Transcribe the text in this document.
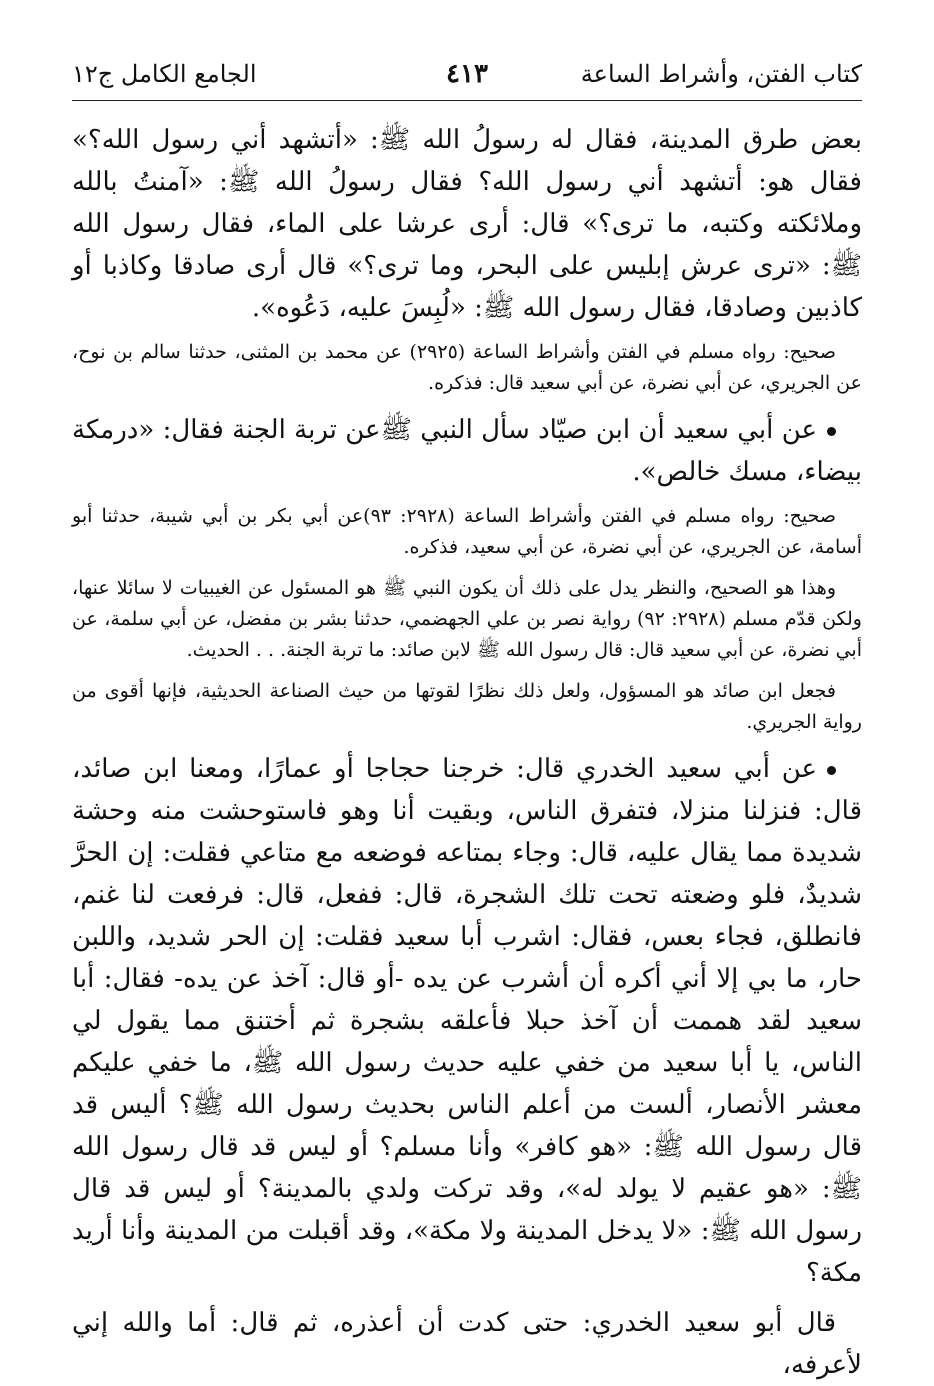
كتاب الفتن، وأشراط الساعة
٤١٣
الجامع الكامل ج١٢

بعض طرق المدينة، فقال له رسولُ الله ﷺ: «أتشهد أني رسول الله؟» فقال هو: أتشهد أني رسول الله؟ فقال رسولُ الله ﷺ: «آمنتُ بالله وملائكته وكتبه، ما ترى؟» قال: أرى عرشا على الماء، فقال رسول الله ﷺ: «ترى عرش إبليس على البحر، وما ترى؟» قال أرى صادقا وكاذبا أو كاذبين وصادقا، فقال رسول الله ﷺ: «لُبِسَ عليه، دَعُوه».

صحيح: رواه مسلم في الفتن وأشراط الساعة (٢٩٢٥) عن محمد بن المثنى، حدثنا سالم بن نوح، عن الجريري، عن أبي نضرة، عن أبي سعيد قال: فذكره.

عن أبي سعيد أن ابن صيّاد سأل النبي ﷺعن تربة الجنة فقال: «درمكة بيضاء، مسك خالص».

صحيح: رواه مسلم في الفتن وأشراط الساعة (٢٩٢٨: ٩٣)عن أبي بكر بن أبي شيبة، حدثنا أبو أسامة، عن الجريري، عن أبي نضرة، عن أبي سعيد، فذكره.

وهذا هو الصحيح، والنظر يدل على ذلك أن يكون النبي ﷺ هو المسئول عن الغيبيات لا سائلا عنها، ولكن قدّم مسلم (٢٩٢٨: ٩٢) رواية نصر بن علي الجهضمي، حدثنا بشر بن مفضل، عن أبي سلمة، عن أبي نضرة، عن أبي سعيد قال: قال رسول الله ﷺ لابن صائد: ما تربة الجنة. . . الحديث.

فجعل ابن صائد هو المسؤول، ولعل ذلك نظرًا لقوتها من حيث الصناعة الحديثية، فإنها أقوى من رواية الجريري.

عن أبي سعيد الخدري قال: خرجنا حجاجا أو عمارًا، ومعنا ابن صائد، قال: فنزلنا منزلا، فتفرق الناس، وبقيت أنا وهو فاستوحشت منه وحشة شديدة مما يقال عليه، قال: وجاء بمتاعه فوضعه مع متاعي فقلت: إن الحرَّ شديدٌ، فلو وضعته تحت تلك الشجرة، قال: ففعل، قال: فرفعت لنا غنم، فانطلق، فجاء بعس، فقال: اشرب أبا سعيد فقلت: إن الحر شديد، واللبن حار، ما بي إلا أني أكره أن أشرب عن يده -أو قال: آخذ عن يده- فقال: أبا سعيد لقد هممت أن آخذ حبلا فأعلقه بشجرة ثم أختنق مما يقول لي الناس، يا أبا سعيد من خفي عليه حديث رسول الله ﷺ، ما خفي عليكم معشر الأنصار، ألست من أعلم الناس بحديث رسول الله ﷺ؟ أليس قد قال رسول الله ﷺ: «هو كافر» وأنا مسلم؟ أو ليس قد قال رسول الله ﷺ: «هو عقيم لا يولد له»، وقد تركت ولدي بالمدينة؟ أو ليس قد قال رسول الله ﷺ: «لا يدخل المدينة ولا مكة»، وقد أقبلت من المدينة وأنا أريد مكة؟

قال أبو سعيد الخدري: حتى كدت أن أعذره، ثم قال: أما والله إني لأعرفه،
